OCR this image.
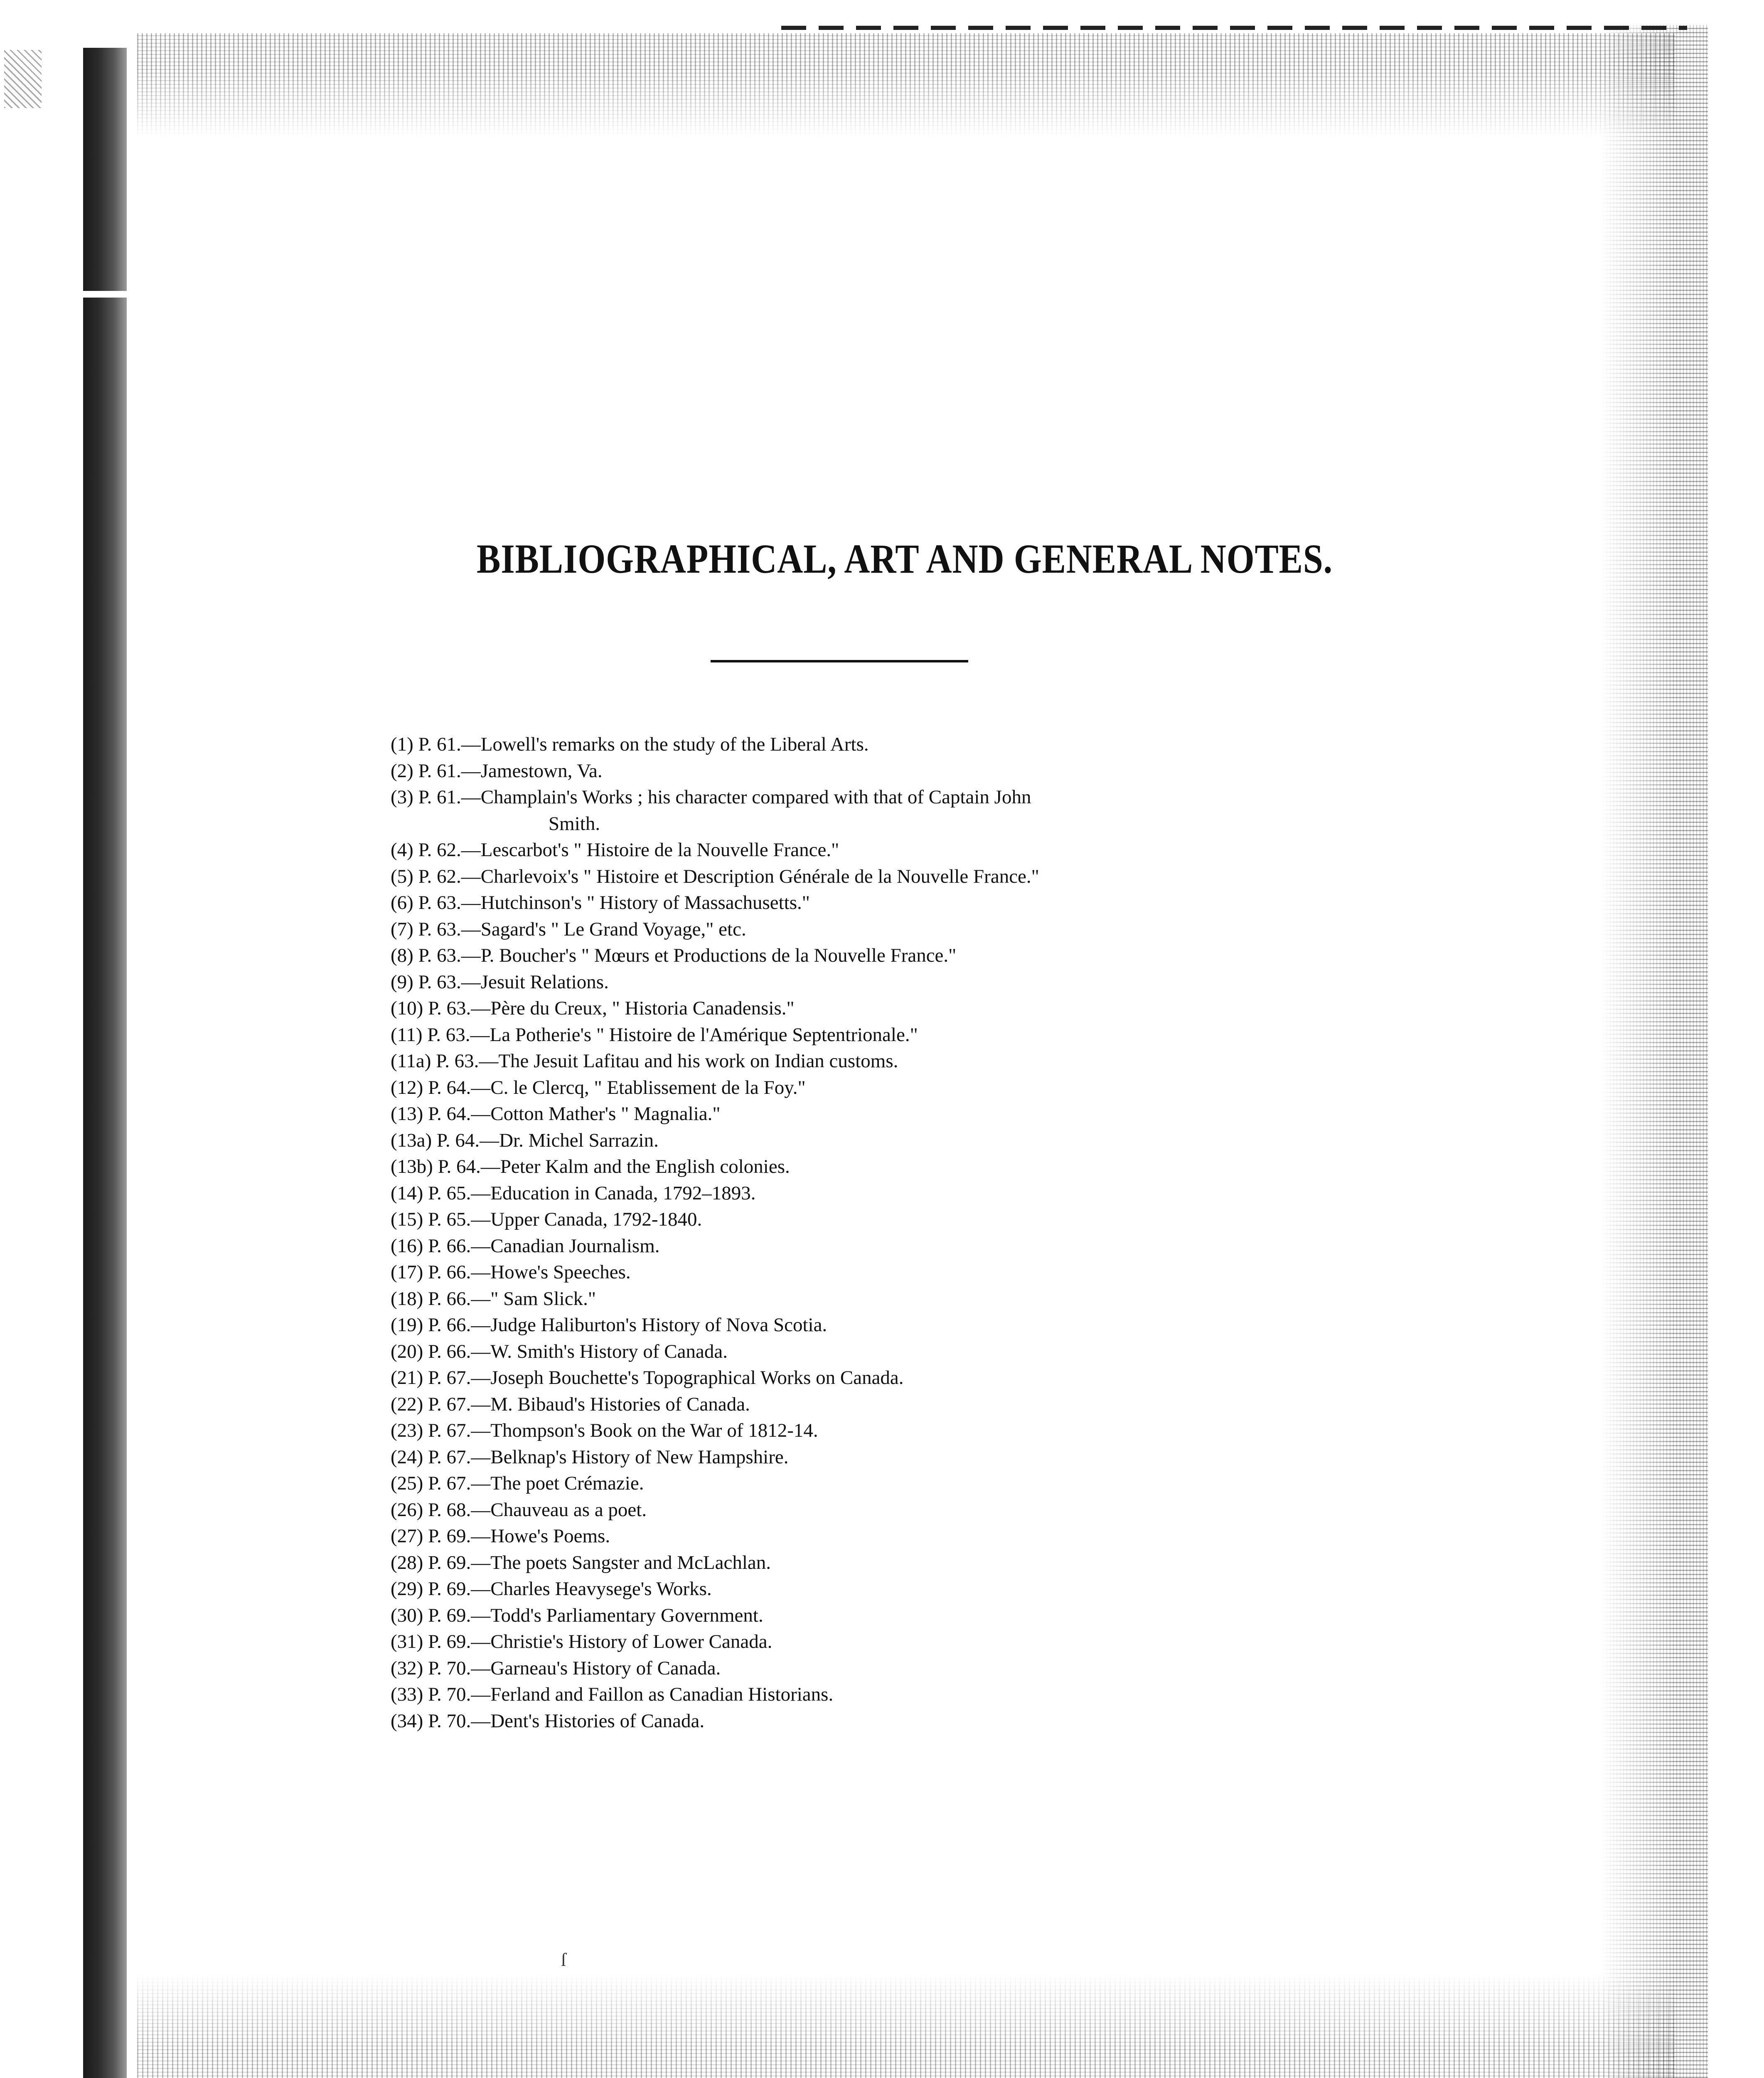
BIBLIOGRAPHICAL, ART AND GENERAL NOTES.
(1) P. 61.—Lowell's remarks on the study of the Liberal Arts.
(2) P. 61.—Jamestown, Va.
(3) P. 61.—Champlain's Works ; his character compared with that of Captain John
Smith.
(4) P. 62.—Lescarbot's " Histoire de la Nouvelle France."
(5) P. 62.—Charlevoix's " Histoire et Description Générale de la Nouvelle France."
(6) P. 63.—Hutchinson's " History of Massachusetts."
(7) P. 63.—Sagard's " Le Grand Voyage," etc.
(8) P. 63.—P. Boucher's " Mœurs et Productions de la Nouvelle France."
(9) P. 63.—Jesuit Relations.
(10) P. 63.—Père du Creux, " Historia Canadensis."
(11) P. 63.—La Potherie's " Histoire de l'Amérique Septentrionale."
(11a) P. 63.—The Jesuit Lafitau and his work on Indian customs.
(12) P. 64.—C. le Clercq, " Etablissement de la Foy."
(13) P. 64.—Cotton Mather's " Magnalia."
(13a) P. 64.—Dr. Michel Sarrazin.
(13b) P. 64.—Peter Kalm and the English colonies.
(14) P. 65.—Education in Canada, 1792–1893.
(15) P. 65.—Upper Canada, 1792-1840.
(16) P. 66.—Canadian Journalism.
(17) P. 66.—Howe's Speeches.
(18) P. 66.—" Sam Slick."
(19) P. 66.—Judge Haliburton's History of Nova Scotia.
(20) P. 66.—W. Smith's History of Canada.
(21) P. 67.—Joseph Bouchette's Topographical Works on Canada.
(22) P. 67.—M. Bibaud's Histories of Canada.
(23) P. 67.—Thompson's Book on the War of 1812-14.
(24) P. 67.—Belknap's History of New Hampshire.
(25) P. 67.—The poet Crémazie.
(26) P. 68.—Chauveau as a poet.
(27) P. 69.—Howe's Poems.
(28) P. 69.—The poets Sangster and McLachlan.
(29) P. 69.—Charles Heavysege's Works.
(30) P. 69.—Todd's Parliamentary Government.
(31) P. 69.—Christie's History of Lower Canada.
(32) P. 70.—Garneau's History of Canada.
(33) P. 70.—Ferland and Faillon as Canadian Historians.
(34) P. 70.—Dent's Histories of Canada.
ſ
